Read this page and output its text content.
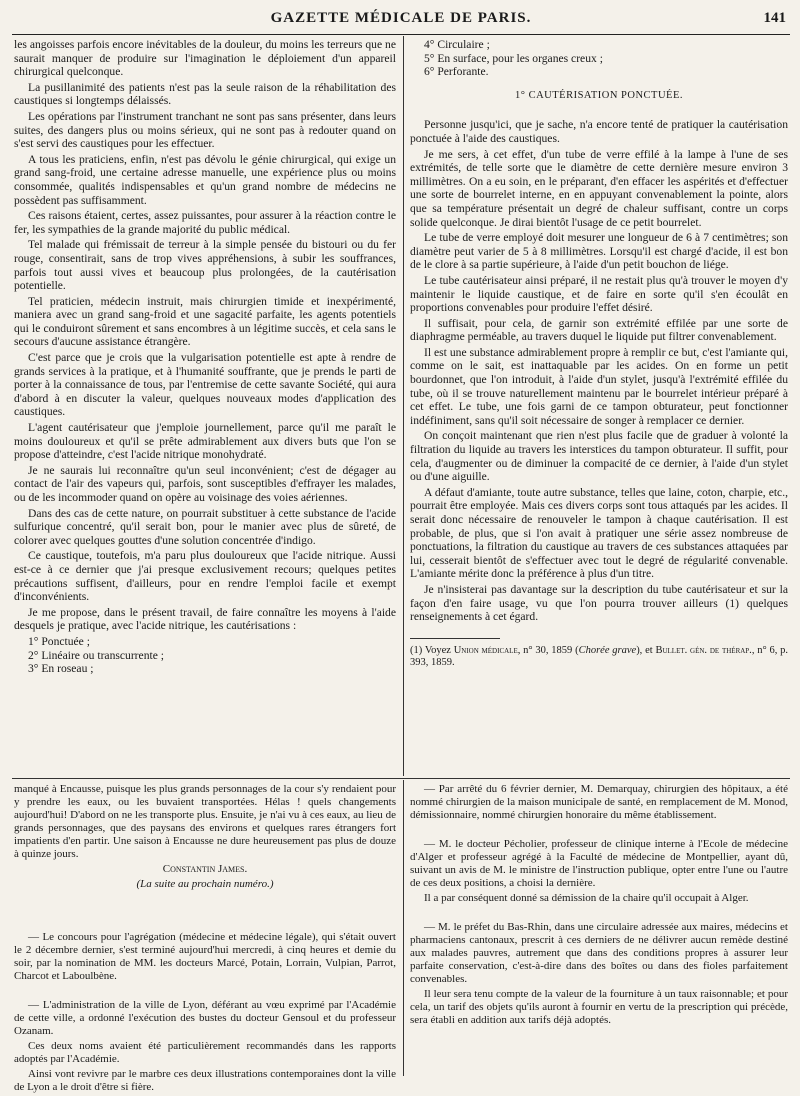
GAZETTE MÉDICALE DE PARIS.	141

les angoisses parfois encore inévitables de la douleur, du moins les terreurs que ne saurait manquer de produire sur l'imagination le déploiement d'un appareil chirurgical quelconque.

La pusillanimité des patients n'est pas la seule raison de la réhabilitation des caustiques si longtemps délaissés.

Les opérations par l'instrument tranchant ne sont pas sans présenter, dans leurs suites, des dangers plus ou moins sérieux, qui ne sont pas à redouter quand on s'est servi des caustiques pour les effectuer.

A tous les praticiens, enfin, n'est pas dévolu le génie chirurgical, qui exige un grand sang-froid, une certaine adresse manuelle, une expérience plus ou moins consommée, qualités indispensables et qu'un grand nombre de médecins ne possèdent pas suffisamment.

Ces raisons étaient, certes, assez puissantes, pour assurer à la réaction contre le fer, les sympathies de la grande majorité du public médical.

Tel malade qui frémissait de terreur à la simple pensée du bistouri ou du fer rouge, consentirait, sans de trop vives appréhensions, à subir les souffrances, parfois tout aussi vives et beaucoup plus prolongées, de la cautérisation potentielle.

Tel praticien, médecin instruit, mais chirurgien timide et inexpérimenté, maniera avec un grand sang-froid et une sagacité parfaite, les agents potentiels qui le conduiront sûrement et sans encombres à un légitime succès, et cela sans le secours d'aucune assistance étrangère.

C'est parce que je crois que la vulgarisation potentielle est apte à rendre de grands services à la pratique, et à l'humanité souffrante, que je prends le parti de porter à la connaissance de tous, par l'entremise de cette savante Société, qui aura d'abord à en discuter la valeur, quelques nouveaux modes d'application des caustiques.

L'agent cautérisateur que j'emploie journellement, parce qu'il me paraît le moins douloureux et qu'il se prête admirablement aux divers buts que l'on se propose d'atteindre, c'est l'acide nitrique monohydraté.

Je ne saurais lui reconnaître qu'un seul inconvénient; c'est de dégager au contact de l'air des vapeurs qui, parfois, sont susceptibles d'effrayer les malades, ou de les incommoder quand on opère au voisinage des voies aériennes.

Dans des cas de cette nature, on pourrait substituer à cette substance de l'acide sulfurique concentré, qu'il serait bon, pour le manier avec plus de sûreté, de colorer avec quelques gouttes d'une solution concentrée d'indigo.

Ce caustique, toutefois, m'a paru plus douloureux que l'acide nitrique. Aussi est-ce à ce dernier que j'ai presque exclusivement recours; quelques petites précautions suffisent, d'ailleurs, pour en rendre l'emploi facile et exempt d'inconvénients.

Je me propose, dans le présent travail, de faire connaître les moyens à l'aide desquels je pratique, avec l'acide nitrique, les cautérisations :

1° Ponctuée ;

2° Linéaire ou transcurrente ;

3° En roseau ;

4° Circulaire ;

5° En surface, pour les organes creux ;

6° Perforante.

1° CAUTÉRISATION PONCTUÉE.

Personne jusqu'ici, que je sache, n'a encore tenté de pratiquer la cautérisation ponctuée à l'aide des caustiques.

Je me sers, à cet effet, d'un tube de verre effilé à la lampe à l'une de ses extrémités, de telle sorte que le diamètre de cette dernière mesure environ 3 millimètres. On a eu soin, en le préparant, d'en effacer les aspérités et d'effectuer une sorte de bourrelet interne, en en appuyant convenablement la pointe, alors que sa température présentait un degré de chaleur suffisant, contre un corps solide quelconque. Je dirai bientôt l'usage de ce petit bourrelet.

Le tube de verre employé doit mesurer une longueur de 6 à 7 centimètres; son diamètre peut varier de 5 à 8 millimètres. Lorsqu'il est chargé d'acide, il est bon de le clore à sa partie supérieure, à l'aide d'un petit bouchon de liége.

Le tube cautérisateur ainsi préparé, il ne restait plus qu'à trouver le moyen d'y maintenir le liquide caustique, et de faire en sorte qu'il s'en écoulât en proportions convenables pour produire l'effet désiré.

Il suffisait, pour cela, de garnir son extrémité effilée par une sorte de diaphragme perméable, au travers duquel le liquide put filtrer convenablement.

Il est une substance admirablement propre à remplir ce but, c'est l'amiante qui, comme on le sait, est inattaquable par les acides. On en forme un petit bourdonnet, que l'on introduit, à l'aide d'un stylet, jusqu'à l'extrémité effilée du tube, où il se trouve naturellement maintenu par le bourrelet intérieur préparé à cet effet. Le tube, une fois garni de ce tampon obturateur, peut fonctionner indéfiniment, sans qu'il soit nécessaire de songer à remplacer ce dernier.

On conçoit maintenant que rien n'est plus facile que de graduer à volonté la filtration du liquide au travers les interstices du tampon obturateur. Il suffit, pour cela, d'augmenter ou de diminuer la compacité de ce dernier, à l'aide d'un stylet ou d'une aiguille.

A défaut d'amiante, toute autre substance, telles que laine, coton, charpie, etc., pourrait être employée. Mais ces divers corps sont tous attaqués par les acides. Il serait donc nécessaire de renouveler le tampon à chaque cautérisation. Il est probable, de plus, que si l'on avait à pratiquer une série assez nombreuse de ponctuations, la filtration du caustique au travers de ces substances attaquées par lui, cesserait bientôt de s'effectuer avec tout le degré de régularité convenable. L'amiante mérite donc la préférence à plus d'un titre.

Je n'insisterai pas davantage sur la description du tube cautérisateur et sur la façon d'en faire usage, vu que l'on pourra trouver ailleurs (1) quelques renseignements à cet égard.

(1) Voyez Union médicale, n° 30, 1859 (Chorée grave), et Bullet. gén. de thérap., n° 6, p. 393, 1859.

manqué à Encausse, puisque les plus grands personnages de la cour s'y rendaient pour y prendre les eaux, ou les buvaient transportées. Hélas ! quels changements aujourd'hui! D'abord on ne les transporte plus. Ensuite, je n'ai vu à ces eaux, au lieu de grands personnages, que des paysans des environs et quelques rares étrangers fort impatients d'en partir. Une saison à Encausse ne dure heureusement pas plus de douze à quinze jours.

Constantin James.

(La suite au prochain numéro.)

— Le concours pour l'agrégation (médecine et médecine légale), qui s'était ouvert le 2 décembre dernier, s'est terminé aujourd'hui mercredi, à cinq heures et demie du soir, par la nomination de MM. les docteurs Marcé, Potain, Lorrain, Vulpian, Parrot, Charcot et Laboulbène.

— L'administration de la ville de Lyon, déférant au vœu exprimé par l'Académie de cette ville, a ordonné l'exécution des bustes du docteur Gensoul et du professeur Ozanam.

Ces deux noms avaient été particulièrement recommandés dans les rapports adoptés par l'Académie.

Ainsi vont revivre par le marbre ces deux illustrations contemporaines dont la ville de Lyon a le droit d'être si fière.

— Par arrêté du 6 février dernier, M. Demarquay, chirurgien des hôpitaux, a été nommé chirurgien de la maison municipale de santé, en remplacement de M. Monod, démissionnaire, nommé chirurgien honoraire du même établissement.

— M. le docteur Pécholier, professeur de clinique interne à l'Ecole de médecine d'Alger et professeur agrégé à la Faculté de médecine de Montpellier, ayant dû, suivant un avis de M. le ministre de l'instruction publique, opter entre l'une ou l'autre de ces deux positions, a choisi la dernière.

Il a par conséquent donné sa démission de la chaire qu'il occupait à Alger.

— M. le préfet du Bas-Rhin, dans une circulaire adressée aux maires, médecins et pharmaciens cantonaux, prescrit à ces derniers de ne délivrer aucun remède destiné aux malades pauvres, autrement que dans des conditions propres à assurer leur parfaite conservation, c'est-à-dire dans des boîtes ou dans des fioles parfaitement convenables.

Il leur sera tenu compte de la valeur de la fourniture à un taux raisonnable; et pour cela, un tarif des objets qu'ils auront à fournir en vertu de la prescription qui précède, sera établi en addition aux tarifs déjà adoptés.
